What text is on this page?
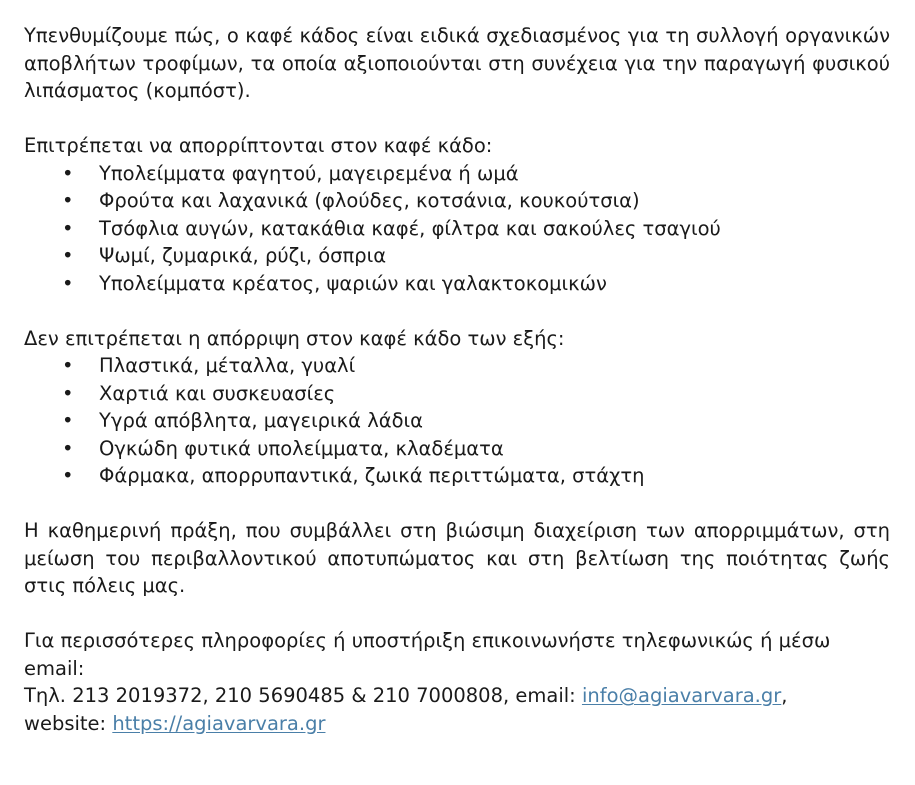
Υπενθυμίζουμε πώς, ο καφέ κάδος είναι ειδικά σχεδιασμένος για τη συλλογή οργανικών αποβλήτων τροφίμων, τα οποία αξιοποιούνται στη συνέχεια για την παραγωγή φυσικού λιπάσματος (κομπόστ).

Επιτρέπεται να απορρίπτονται στον καφέ κάδο:

• Υπολείμματα φαγητού, μαγειρεμένα ή ωμά
• Φρούτα και λαχανικά (φλούδες, κοτσάνια, κουκούτσια)
• Τσόφλια αυγών, κατακάθια καφέ, φίλτρα και σακούλες τσαγιού
• Ψωμί, ζυμαρικά, ρύζι, όσπρια
• Υπολείμματα κρέατος, ψαριών και γαλακτοκομικών

Δεν επιτρέπεται η απόρριψη στον καφέ κάδο των εξής:

• Πλαστικά, μέταλλα, γυαλί
• Χαρτιά και συσκευασίες
• Υγρά απόβλητα, μαγειρικά λάδια
• Ογκώδη φυτικά υπολείμματα, κλαδέματα
• Φάρμακα, απορρυπαντικά, ζωικά περιττώματα, στάχτη

Η καθημερινή πράξη, που συμβάλλει στη βιώσιμη διαχείριση των απορριμμάτων, στη μείωση του περιβαλλοντικού αποτυπώματος και στη βελτίωση της ποιότητας ζωής στις πόλεις μας.

Για περισσότερες πληροφορίες ή υποστήριξη επικοινωνήστε τηλεφωνικώς ή μέσω email:

Τηλ. 213 2019372, 210 5690485 & 210 7000808, email: info@agiavarvara.gr,

website: https://agiavarvara.gr
